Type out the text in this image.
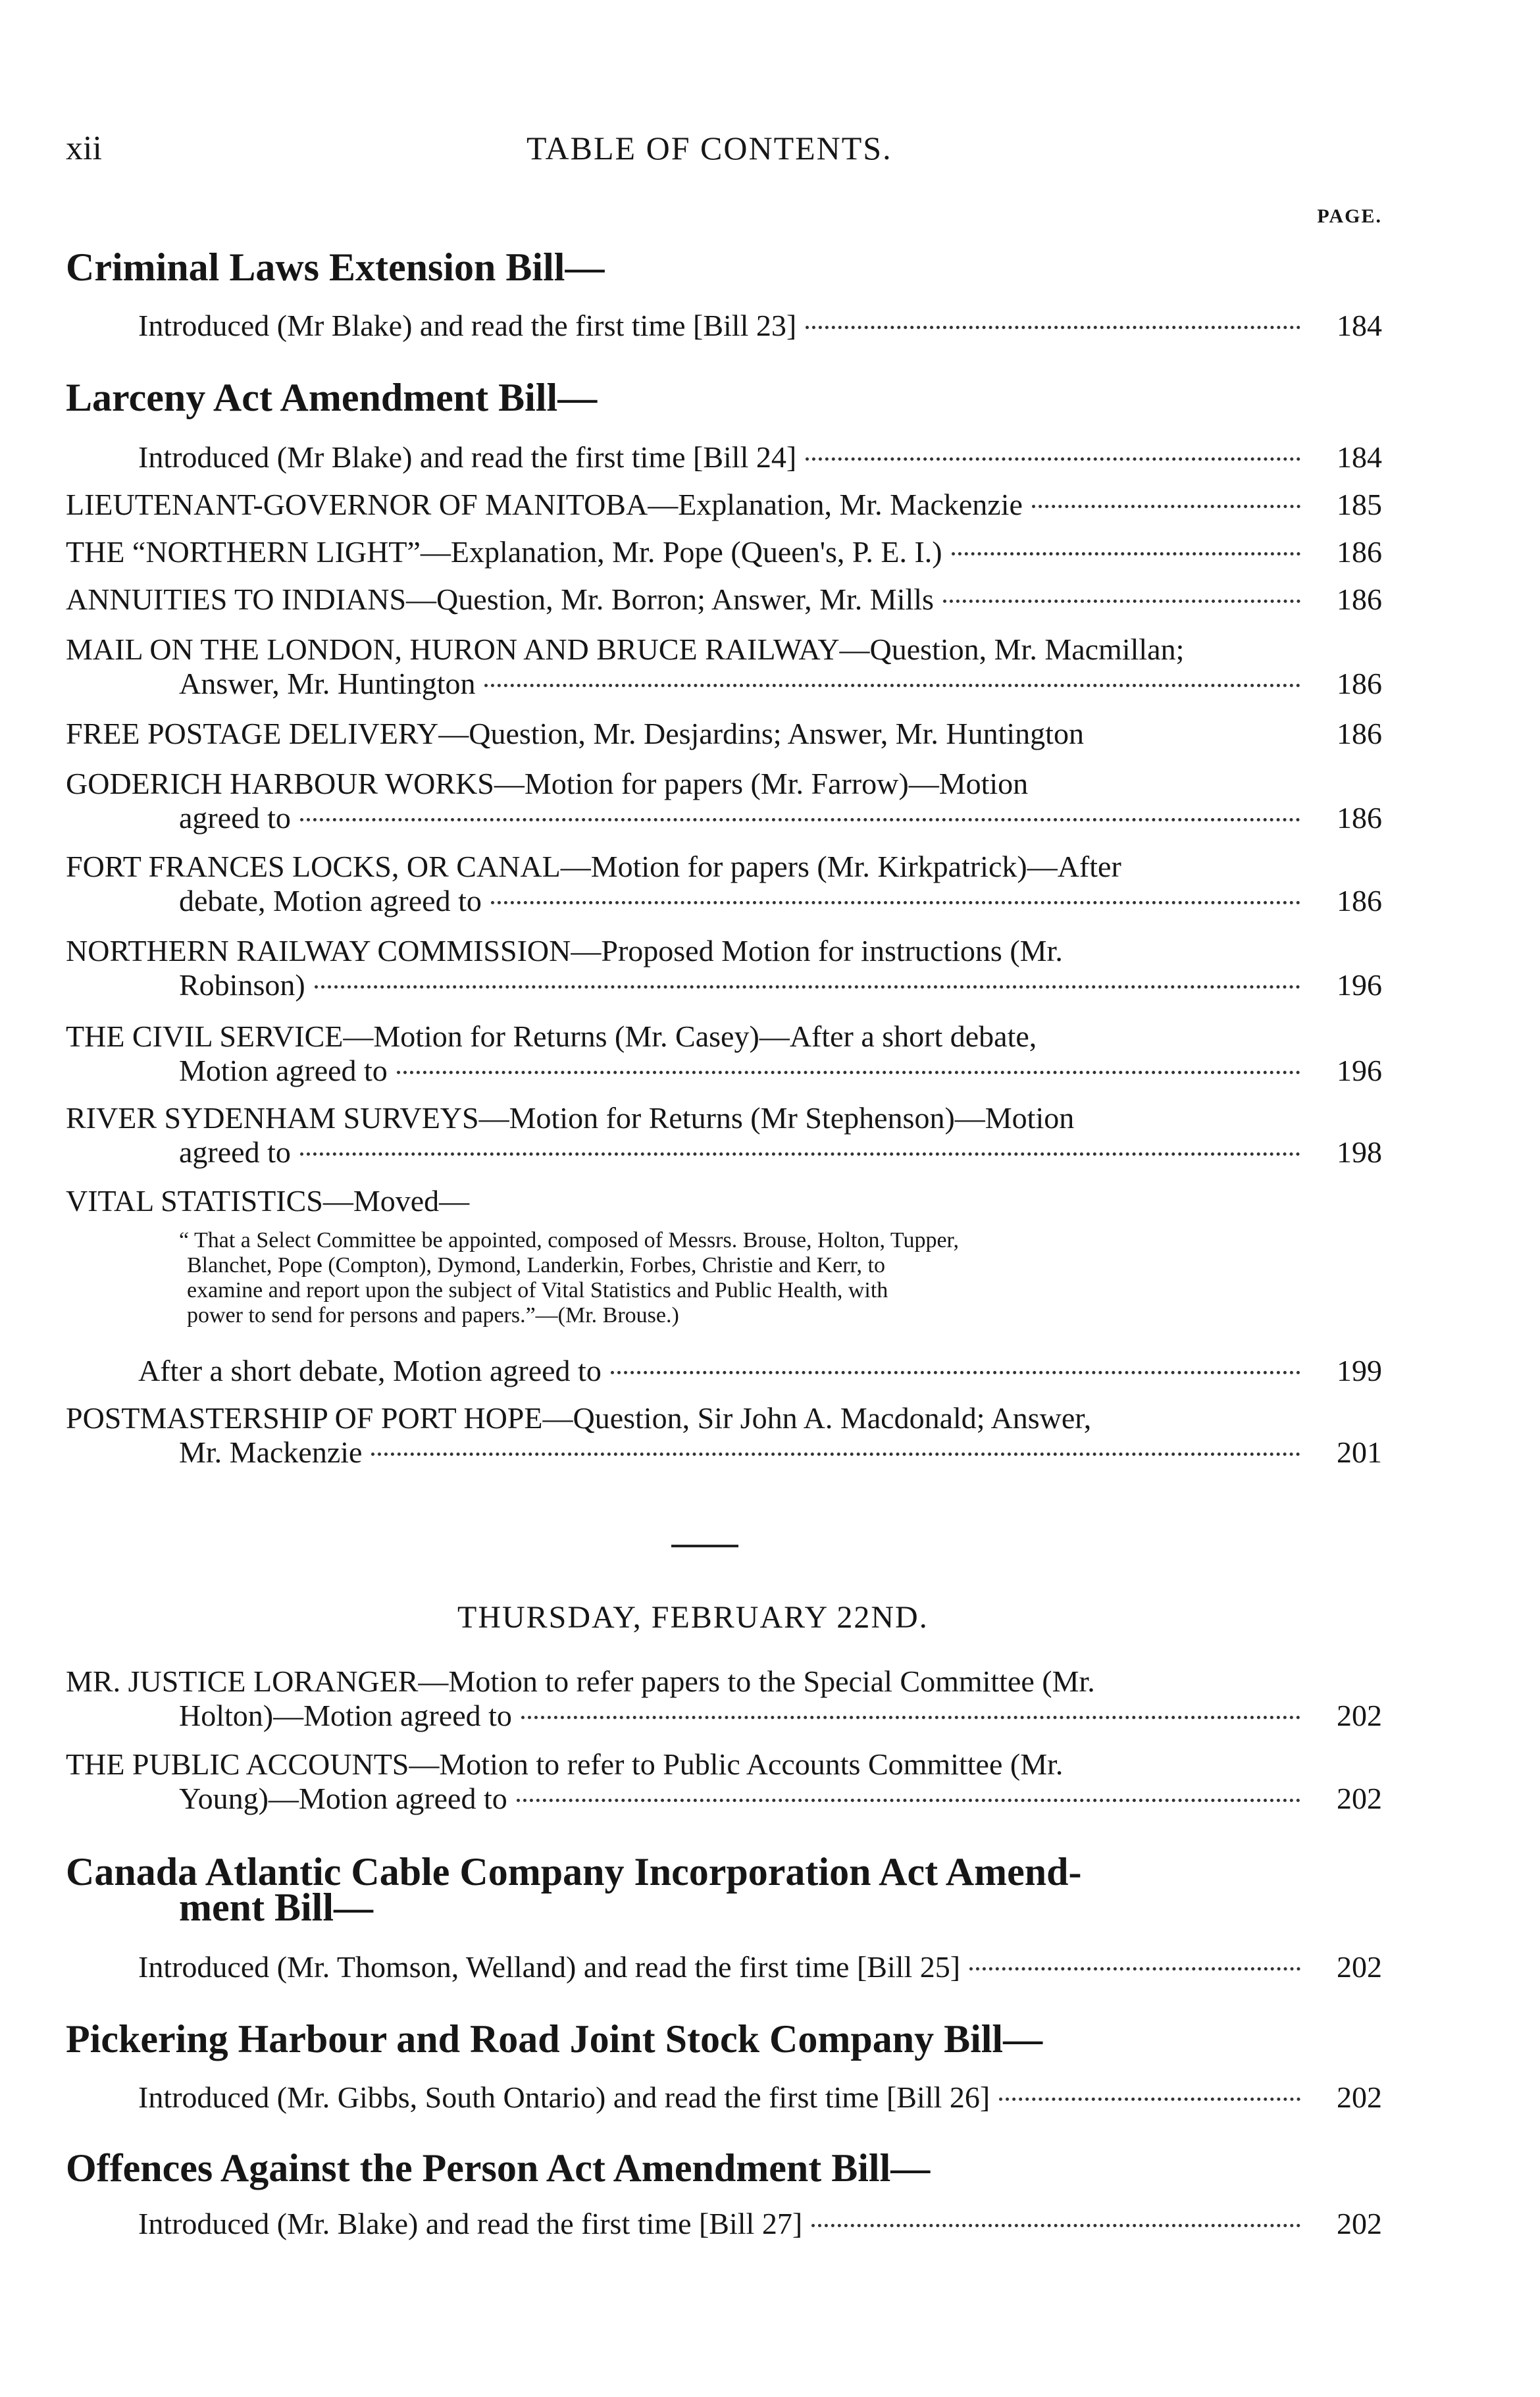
xii	TABLE OF CONTENTS.
PAGE.
Criminal Laws Extension Bill—
Introduced (Mr Blake) and read the first time [Bill 23]	184
Larceny Act Amendment Bill—
Introduced (Mr Blake) and read the first time [Bill 24]	184
LIEUTENANT-GOVERNOR OF MANITOBA—Explanation, Mr. Mackenzie	185
THE “NORTHERN LIGHT”—Explanation, Mr. Pope (Queen's, P. E. I.)	186
ANNUITIES TO INDIANS—Question, Mr. Borron; Answer, Mr. Mills	186
MAIL ON THE LONDON, HURON AND BRUCE RAILWAY—Question, Mr. Macmillan;
Answer, Mr. Huntington	186
FREE POSTAGE DELIVERY—Question, Mr. Desjardins; Answer, Mr. Huntington	186
GODERICH HARBOUR WORKS—Motion for papers (Mr. Farrow)—Motion
agreed to	186
FORT FRANCES LOCKS, OR CANAL—Motion for papers (Mr. Kirkpatrick)—After
debate, Motion agreed to	186
NORTHERN RAILWAY COMMISSION—Proposed Motion for instructions (Mr.
Robinson)	196
THE CIVIL SERVICE—Motion for Returns (Mr. Casey)—After a short debate,
Motion agreed to	196
RIVER SYDENHAM SURVEYS—Motion for Returns (Mr Stephenson)—Motion
agreed to	198
VITAL STATISTICS—Moved—
“ That a Select Committee be appointed, composed of Messrs. Brouse, Holton, Tupper,
Blanchet, Pope (Compton), Dymond, Landerkin, Forbes, Christie and Kerr, to
examine and report upon the subject of Vital Statistics and Public Health, with
power to send for persons and papers.”—(Mr. Brouse.)
After a short debate, Motion agreed to	199
POSTMASTERSHIP OF PORT HOPE—Question, Sir John A. Macdonald; Answer,
Mr. Mackenzie	201
THURSDAY, FEBRUARY 22ND.
MR. JUSTICE LORANGER—Motion to refer papers to the Special Committee (Mr.
Holton)—Motion agreed to	202
THE PUBLIC ACCOUNTS—Motion to refer to Public Accounts Committee (Mr.
Young)—Motion agreed to	202
Canada Atlantic Cable Company Incorporation Act Amend-
ment Bill—
Introduced (Mr. Thomson, Welland) and read the first time [Bill 25]	202
Pickering Harbour and Road Joint Stock Company Bill—
Introduced (Mr. Gibbs, South Ontario) and read the first time [Bill 26]	202
Offences Against the Person Act Amendment Bill—
Introduced (Mr. Blake) and read the first time [Bill 27]	202
